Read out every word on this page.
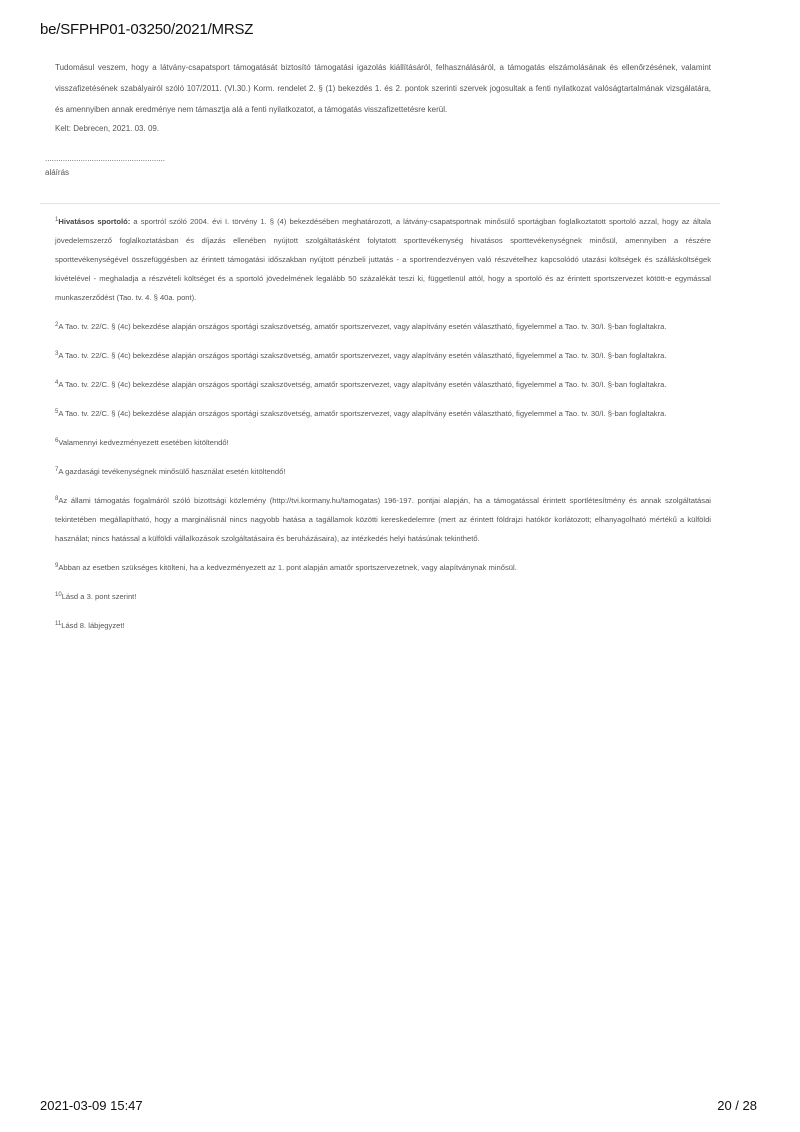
be/SFPHP01-03250/2021/MRSZ
Tudomásul veszem, hogy a látvány-csapatsport támogatását biztosító támogatási igazolás kiállításáról, felhasználásáról, a támogatás elszámolásának és ellenőrzésének, valamint visszafizetésének szabályairól szóló 107/2011. (VI.30.) Korm. rendelet 2. § (1) bekezdés 1. és 2. pontok szerinti szervek jogosultak a fenti nyilatkozat valóságtartalmának vizsgálatára, és amennyiben annak eredménye nem támasztja alá a fenti nyilatkozatot, a támogatás visszafizettetésre kerül.
Kelt: Debrecen, 2021. 03. 09.
......................................................
aláírás

$^1$Hivatásos sportoló: a sportról szóló 2004. évi I. törvény 1. § (4) bekezdésében meghatározott, a látvány-csapatsportnak minősülő sportágban foglalkoztatott sportoló azzal, hogy az általa jövedelemszerző foglalkoztatásban és díjazás ellenében nyújtott szolgáltatásként folytatott sporttevékenység hivatásos sporttevékenységnek minősül, amennyiben a részére sporttevékenységével összefüggésben az érintett támogatási időszakban nyújtott pénzbeli juttatás - a sportrendezvényen való részvételhez kapcsolódó utazási költségek és szállásköltségek kivételével - meghaladja a részvételi költséget és a sportoló jövedelmének legalább 50 százalékát teszi ki, függetlenül attól, hogy a sportoló és az érintett sportszervezet kötött-e egymással munkaszerződést (Tao. tv. 4. § 40a. pont).

$^2$A Tao. tv. 22/C. § (4c) bekezdése alapján országos sportági szakszövetség, amatőr sportszervezet, vagy alapítvány esetén választható, figyelemmel a Tao. tv. 30/I. §-ban foglaltakra.

$^3$A Tao. tv. 22/C. § (4c) bekezdése alapján országos sportági szakszövetség, amatőr sportszervezet, vagy alapítvány esetén választható, figyelemmel a Tao. tv. 30/I. §-ban foglaltakra.

$^4$A Tao. tv. 22/C. § (4c) bekezdése alapján országos sportági szakszövetség, amatőr sportszervezet, vagy alapítvány esetén választható, figyelemmel a Tao. tv. 30/I. §-ban foglaltakra.

$^5$A Tao. tv. 22/C. § (4c) bekezdése alapján országos sportági szakszövetség, amatőr sportszervezet, vagy alapítvány esetén választható, figyelemmel a Tao. tv. 30/I. §-ban foglaltakra.

$^6$Valamennyi kedvezményezett esetében kitöltendő!

$^7$A gazdasági tevékenységnek minősülő használat esetén kitöltendő!

$^8$Az állami támogatás fogalmáról szóló bizottsági közlemény (http://tvi.kormany.hu/tamogatas) 196-197. pontjai alapján, ha a támogatással érintett sportlétesítmény és annak szolgáltatásai tekintetében megállapítható, hogy a marginálisnál nincs nagyobb hatása a tagállamok közötti kereskedelemre (mert az érintett földrajzi hatókör korlátozott; elhanyagolható mértékű a külföldi használat; nincs hatással a külföldi vállalkozások szolgáltatásaira és beruházásaira), az intézkedés helyi hatásúnak tekinthető.

$^9$Abban az esetben szükséges kitölteni, ha a kedvezményezett az 1. pont alapján amatőr sportszervezetnek, vagy alapítványnak minősül.

$^{10}$Lásd a 3. pont szerint!

$^{11}$Lásd 8. lábjegyzet!

2021-03-09 15:47	20 / 28
